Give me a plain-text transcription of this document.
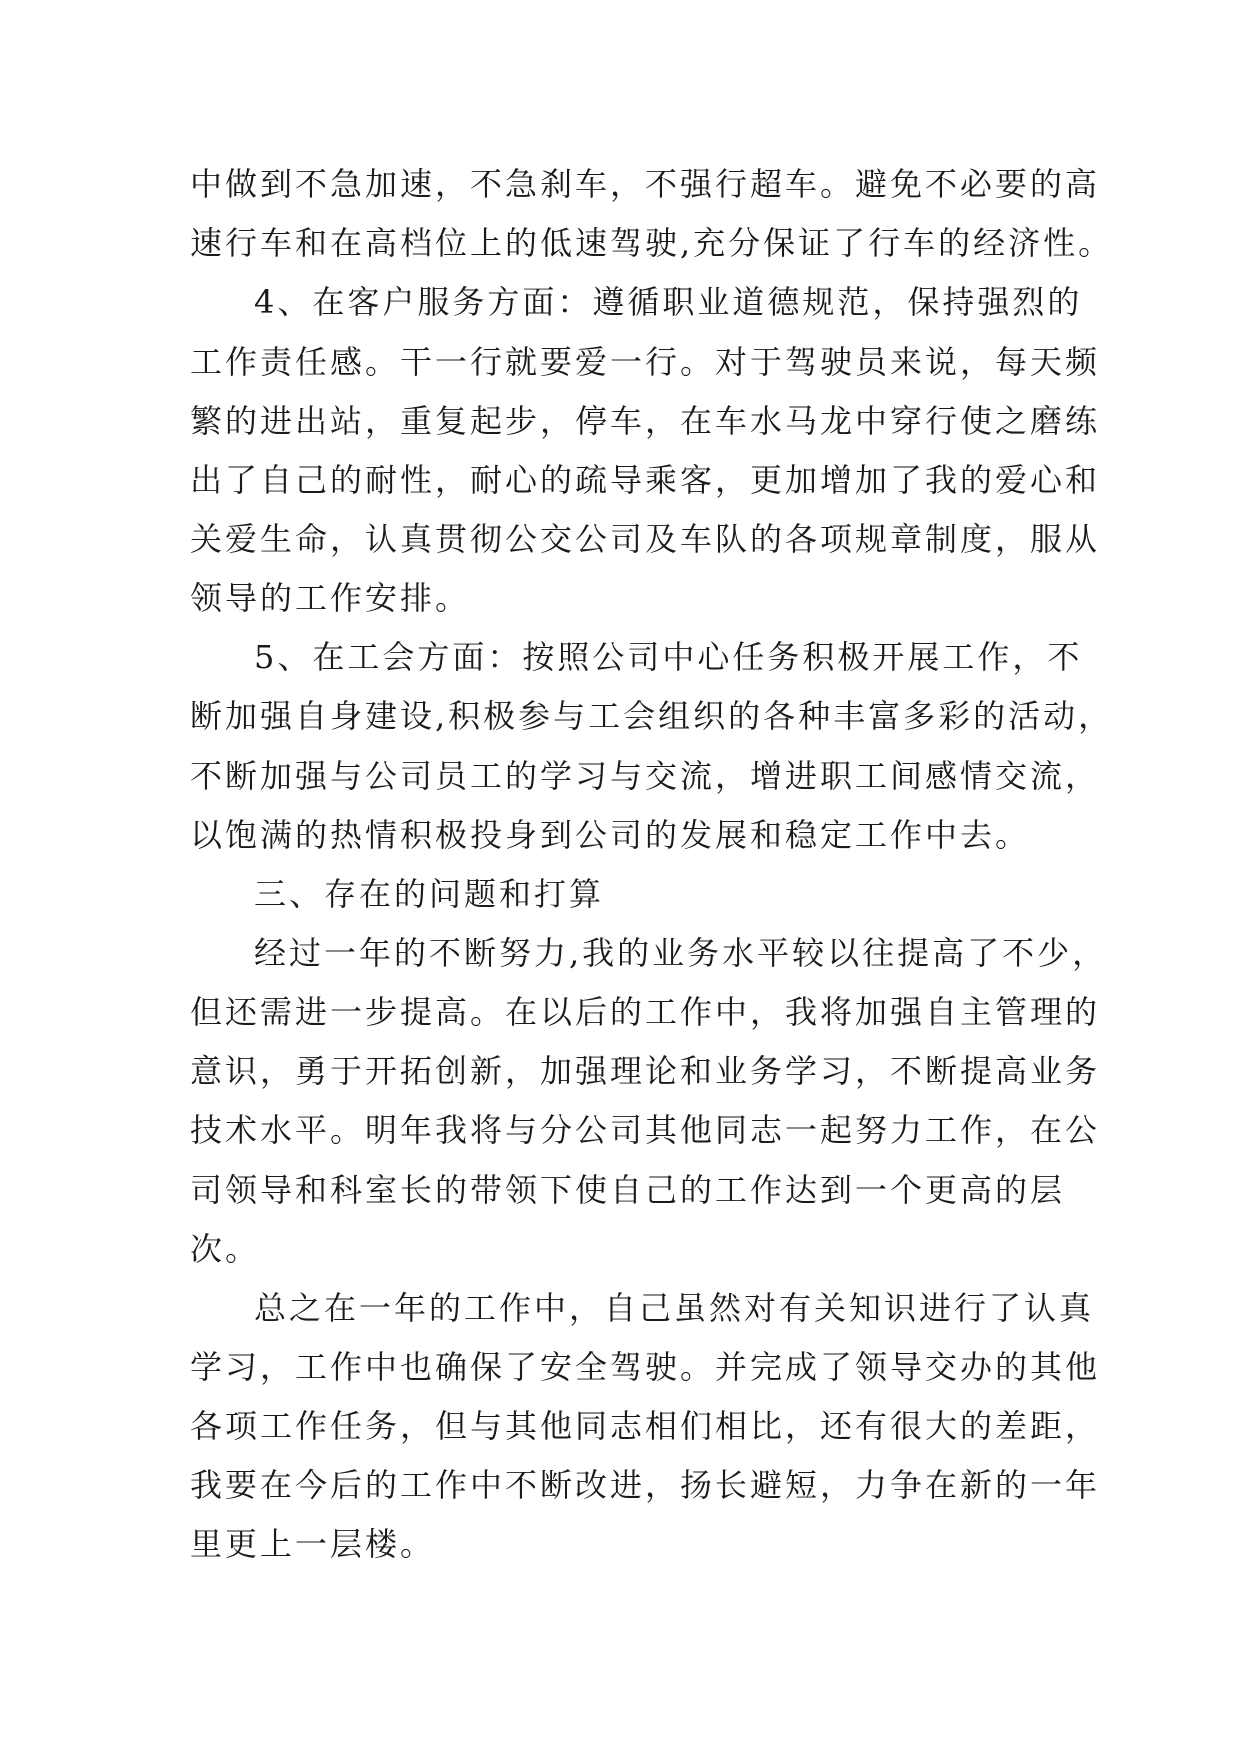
中做到不急加速，不急刹车，不强行超车。避免不必要的高

速行车和在高档位上的低速驾驶,充分保证了行车的经济性。

4、在客户服务方面：遵循职业道德规范，保持强烈的

工作责任感。干一行就要爱一行。对于驾驶员来说，每天频

繁的进出站，重复起步，停车，在车水马龙中穿行使之磨练

出了自己的耐性，耐心的疏导乘客，更加增加了我的爱心和

关爱生命，认真贯彻公交公司及车队的各项规章制度，服从

领导的工作安排。

5、在工会方面：按照公司中心任务积极开展工作，不

断加强自身建设,积极参与工会组织的各种丰富多彩的活动，

不断加强与公司员工的学习与交流，增进职工间感情交流，

以饱满的热情积极投身到公司的发展和稳定工作中去。

三、存在的问题和打算

经过一年的不断努力,我的业务水平较以往提高了不少，

但还需进一步提高。在以后的工作中，我将加强自主管理的

意识，勇于开拓创新，加强理论和业务学习，不断提高业务

技术水平。明年我将与分公司其他同志一起努力工作，在公

司领导和科室长的带领下使自己的工作达到一个更高的层

次。

总之在一年的工作中，自己虽然对有关知识进行了认真

学习，工作中也确保了安全驾驶。并完成了领导交办的其他

各项工作任务，但与其他同志相们相比，还有很大的差距，

我要在今后的工作中不断改进，扬长避短，力争在新的一年

里更上一层楼。
